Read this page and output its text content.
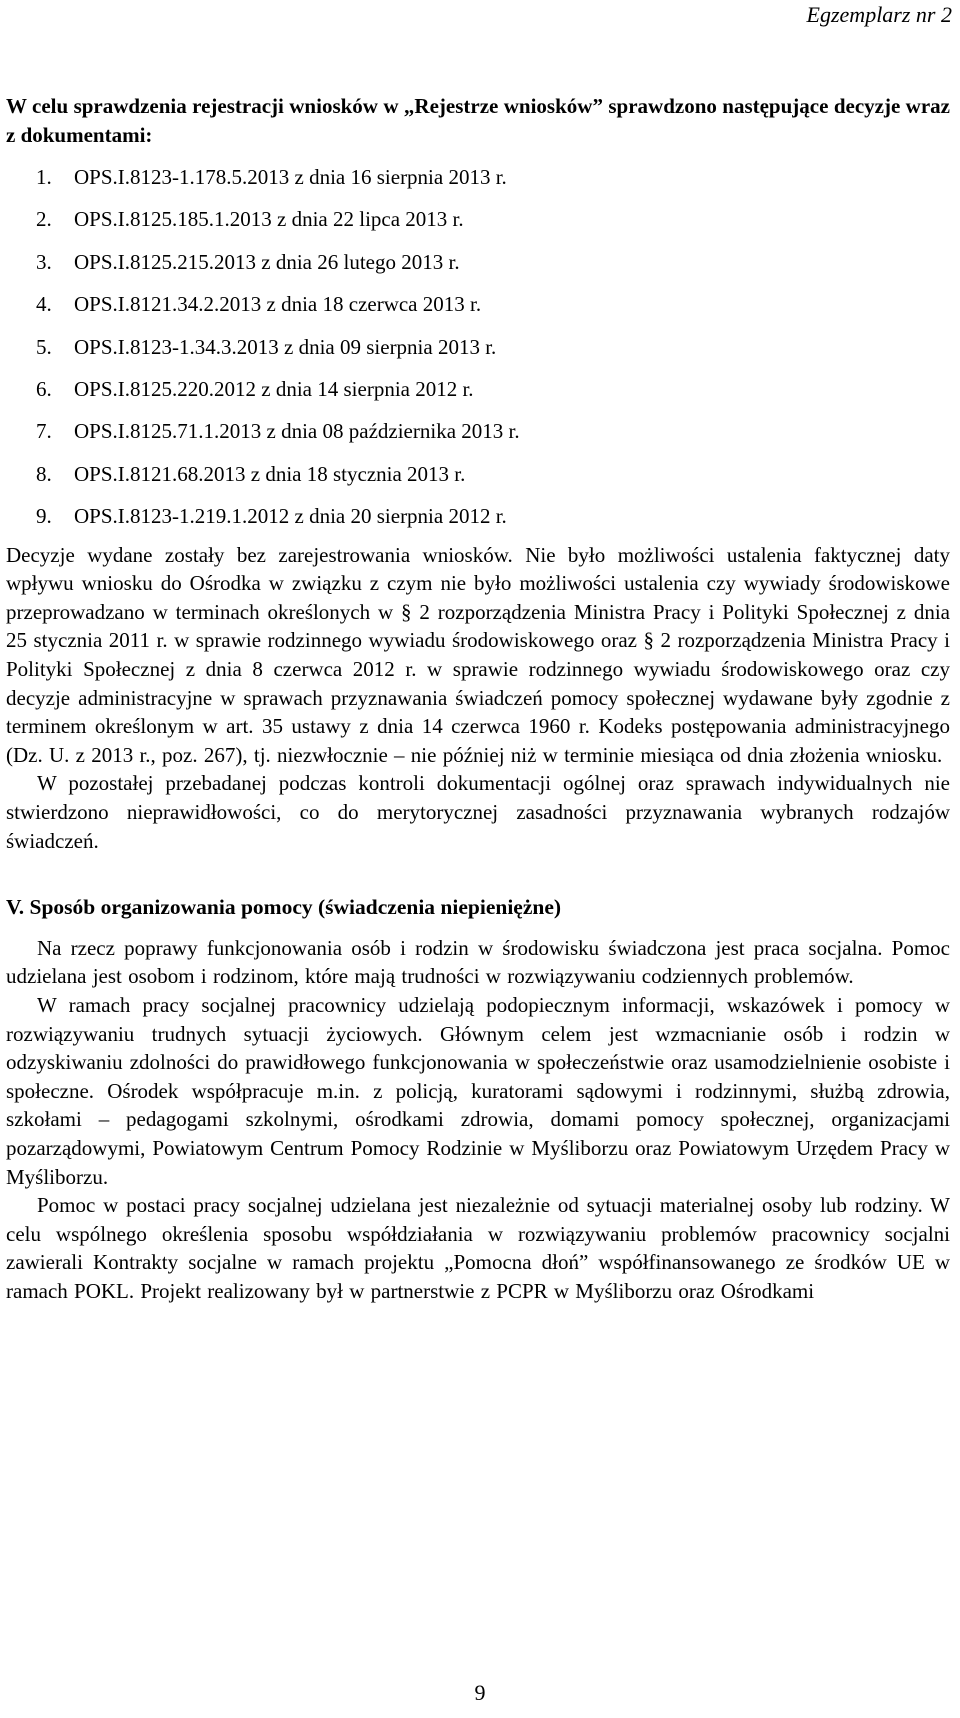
Egzemplarz nr 2

W celu sprawdzenia rejestracji wniosków w „Rejestrze wniosków” sprawdzono następujące decyzje wraz z dokumentami:

1.	OPS.I.8123-1.178.5.2013 z dnia 16 sierpnia 2013 r.
2.	OPS.I.8125.185.1.2013 z dnia 22 lipca 2013 r.
3.	OPS.I.8125.215.2013 z dnia 26 lutego 2013 r.
4.	OPS.I.8121.34.2.2013 z dnia 18 czerwca 2013 r.
5.	OPS.I.8123-1.34.3.2013 z dnia 09 sierpnia 2013 r.
6.	OPS.I.8125.220.2012 z dnia 14 sierpnia 2012 r.
7.	OPS.I.8125.71.1.2013 z dnia 08 października 2013 r.
8.	OPS.I.8121.68.2013 z dnia 18 stycznia 2013 r.
9.	OPS.I.8123-1.219.1.2012 z dnia 20 sierpnia 2012 r.

Decyzje wydane zostały bez zarejestrowania wniosków. Nie było możliwości ustalenia faktycznej daty wpływu wniosku do Ośrodka w związku z czym nie było możliwości ustalenia czy wywiady środowiskowe przeprowadzano w terminach określonych w § 2 rozporządzenia Ministra Pracy i Polityki Społecznej z dnia 25 stycznia 2011 r. w sprawie rodzinnego wywiadu środowiskowego oraz § 2 rozporządzenia Ministra Pracy i Polityki Społecznej z dnia 8 czerwca 2012 r. w sprawie rodzinnego wywiadu środowiskowego oraz czy decyzje administracyjne w sprawach przyznawania świadczeń pomocy społecznej wydawane były zgodnie z terminem określonym w art. 35 ustawy z dnia 14 czerwca 1960 r. Kodeks postępowania administracyjnego (Dz. U. z 2013 r., poz. 267), tj. niezwłocznie – nie później niż w terminie miesiąca od dnia złożenia wniosku.

W pozostałej przebadanej podczas kontroli dokumentacji ogólnej oraz sprawach indywidualnych nie stwierdzono nieprawidłowości, co do merytorycznej zasadności przyznawania wybranych rodzajów świadczeń.

V. Sposób organizowania pomocy (świadczenia niepieniężne)

Na rzecz poprawy funkcjonowania osób i rodzin w środowisku świadczona jest praca socjalna. Pomoc udzielana jest osobom i rodzinom, które mają trudności w rozwiązywaniu codziennych problemów.

W ramach pracy socjalnej pracownicy udzielają podopiecznym informacji, wskazówek i pomocy w rozwiązywaniu trudnych sytuacji życiowych. Głównym celem jest wzmacnianie osób i rodzin w odzyskiwaniu zdolności do prawidłowego funkcjonowania w społeczeństwie oraz usamodzielnienie osobiste i społeczne. Ośrodek współpracuje m.in. z policją, kuratorami sądowymi i rodzinnymi, służbą zdrowia, szkołami – pedagogami szkolnymi, ośrodkami zdrowia, domami pomocy społecznej, organizacjami pozarządowymi, Powiatowym Centrum Pomocy Rodzinie w Myśliborzu oraz Powiatowym Urzędem Pracy w Myśliborzu.

Pomoc w postaci pracy socjalnej udzielana jest niezależnie od sytuacji materialnej osoby lub rodziny. W celu wspólnego określenia sposobu współdziałania w rozwiązywaniu problemów pracownicy socjalni zawierali Kontrakty socjalne w ramach projektu „Pomocna dłoń” współfinansowanego ze środków UE w ramach POKL. Projekt realizowany był w partnerstwie z PCPR w Myśliborzu oraz Ośrodkami

9
